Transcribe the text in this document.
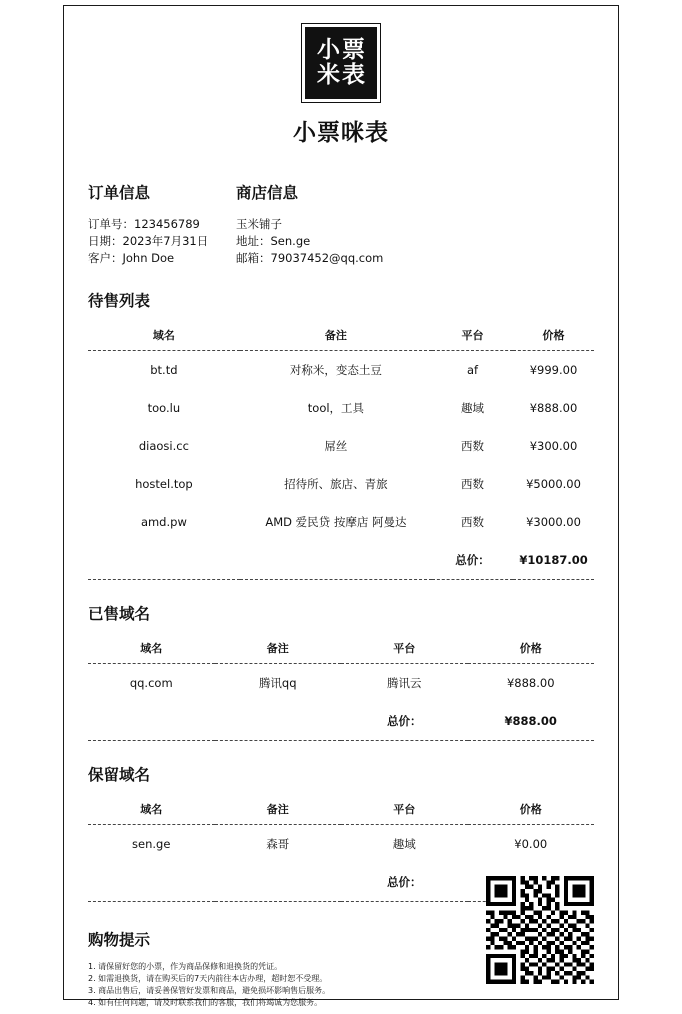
小 票
米 表
小票咪表
订单信息
订单号：123456789
日期：2023年7月31日
客户：John Doe
商店信息
玉米铺子
地址：Sen.ge
邮箱：79037452@qq.com
待售列表
域名	备注	平台	价格
bt.td	对称米，变态土豆	af	¥999.00
too.lu	tool，工具	趣域	¥888.00
diaosi.cc	屌丝	西数	¥300.00
hostel.top	招待所、旅店、青旅	西数	¥5000.00
amd.pw	AMD 爱民贷 按摩店 阿曼达	西数	¥3000.00
		总价：	¥10187.00
已售域名
域名	备注	平台	价格
qq.com	腾讯qq	腾讯云	¥888.00
		总价：	¥888.00
保留域名
域名	备注	平台	价格
sen.ge	森哥	趣域	¥0.00
		总价：	
购物提示
1. 请保留好您的小票，作为商品保修和退换货的凭证。
2. 如需退换货，请在购买后的7天内前往本店办理，超时恕不受理。
3. 商品出售后，请妥善保管好发票和商品，避免损坏影响售后服务。
4. 如有任何问题，请及时联系我们的客服，我们将竭诚为您服务。
